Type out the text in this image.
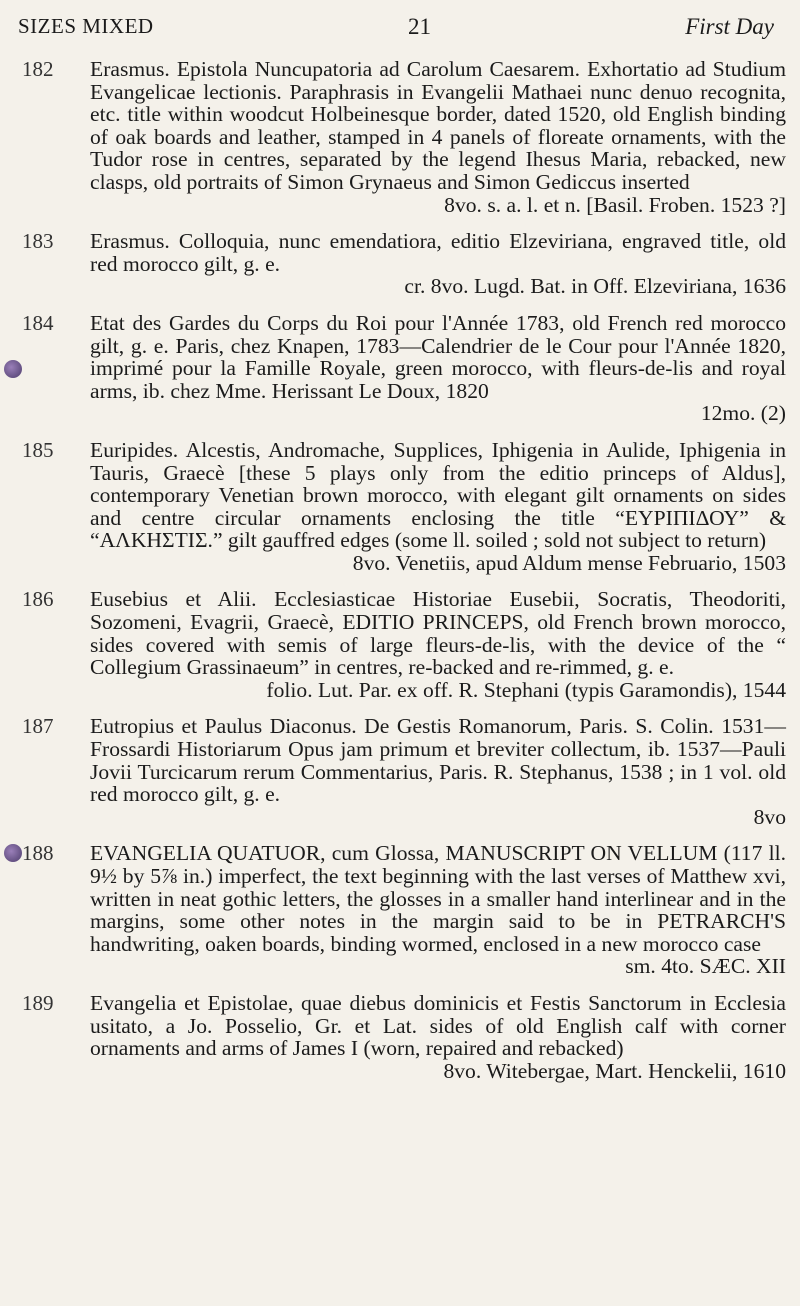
SIZES MIXED	21	First Day
182 Erasmus. Epistola Nuncupatoria ad Carolum Caesarem. Exhortatio ad Studium Evangelicae lectionis. Paraphrasis in Evangelii Mathaei nunc denuo recognita, etc. title within woodcut Holbeinesque border, dated 1520, old English binding of oak boards and leather, stamped in 4 panels of floreate ornaments, with the Tudor rose in centres, separated by the legend Ihesus Maria, rebacked, new clasps, old portraits of Simon Grynaeus and Simon Gediccus inserted
8vo. s. a. l. et n. [Basil. Froben. 1523 ?]
183 Erasmus. Colloquia, nunc emendatiora, editio Elzeviriana, engraved title, old red morocco gilt, g. e.
cr. 8vo. Lugd. Bat. in Off. Elzeviriana, 1636
184 Etat des Gardes du Corps du Roi pour l'Année 1783, old French red morocco gilt, g. e. Paris, chez Knapen, 1783—Calendrier de le Cour pour l'Année 1820, imprimé pour la Famille Royale, green morocco, with fleurs-de-lis and royal arms, ib. chez Mme. Herissant Le Doux, 1820
12mo. (2)
185 Euripides. Alcestis, Andromache, Supplices, Iphigenia in Aulide, Iphigenia in Tauris, Graecè [these 5 plays only from the editio princeps of Aldus], contemporary Venetian brown morocco, with elegant gilt ornaments on sides and centre circular ornaments enclosing the title “ΕΥΡΙΠΙΔΟΥ” & “ΑΛΚΗΣΤΙΣ.” gilt gauffred edges (some ll. soiled ; sold not subject to return)
8vo. Venetiis, apud Aldum mense Februario, 1503
186 Eusebius et Alii. Ecclesiasticae Historiae Eusebii, Socratis, Theodoriti, Sozomeni, Evagrii, Graecè, EDITIO PRINCEPS, old French brown morocco, sides covered with semis of large fleurs-de-lis, with the device of the “ Collegium Grassinaeum” in centres, re-backed and re-rimmed, g. e.
folio. Lut. Par. ex off. R. Stephani (typis Garamondis), 1544
187 Eutropius et Paulus Diaconus. De Gestis Romanorum, Paris. S. Colin. 1531—Frossardi Historiarum Opus jam primum et breviter collectum, ib. 1537—Pauli Jovii Turcicarum rerum Commentarius, Paris. R. Stephanus, 1538 ; in 1 vol. old red morocco gilt, g. e.
8vo
188 EVANGELIA QUATUOR, cum Glossa, MANUSCRIPT ON VELLUM (117 ll. 9½ by 5⅞ in.) imperfect, the text beginning with the last verses of Matthew xvi, written in neat gothic letters, the glosses in a smaller hand interlinear and in the margins, some other notes in the margin said to be in PETRARCH'S handwriting, oaken boards, binding wormed, enclosed in a new morocco case
sm. 4to. SÆC. XII
189 Evangelia et Epistolae, quae diebus dominicis et Festis Sanctorum in Ecclesia usitato, a Jo. Posselio, Gr. et Lat. sides of old English calf with corner ornaments and arms of James I (worn, repaired and rebacked)
8vo. Witebergae, Mart. Henckelii, 1610
